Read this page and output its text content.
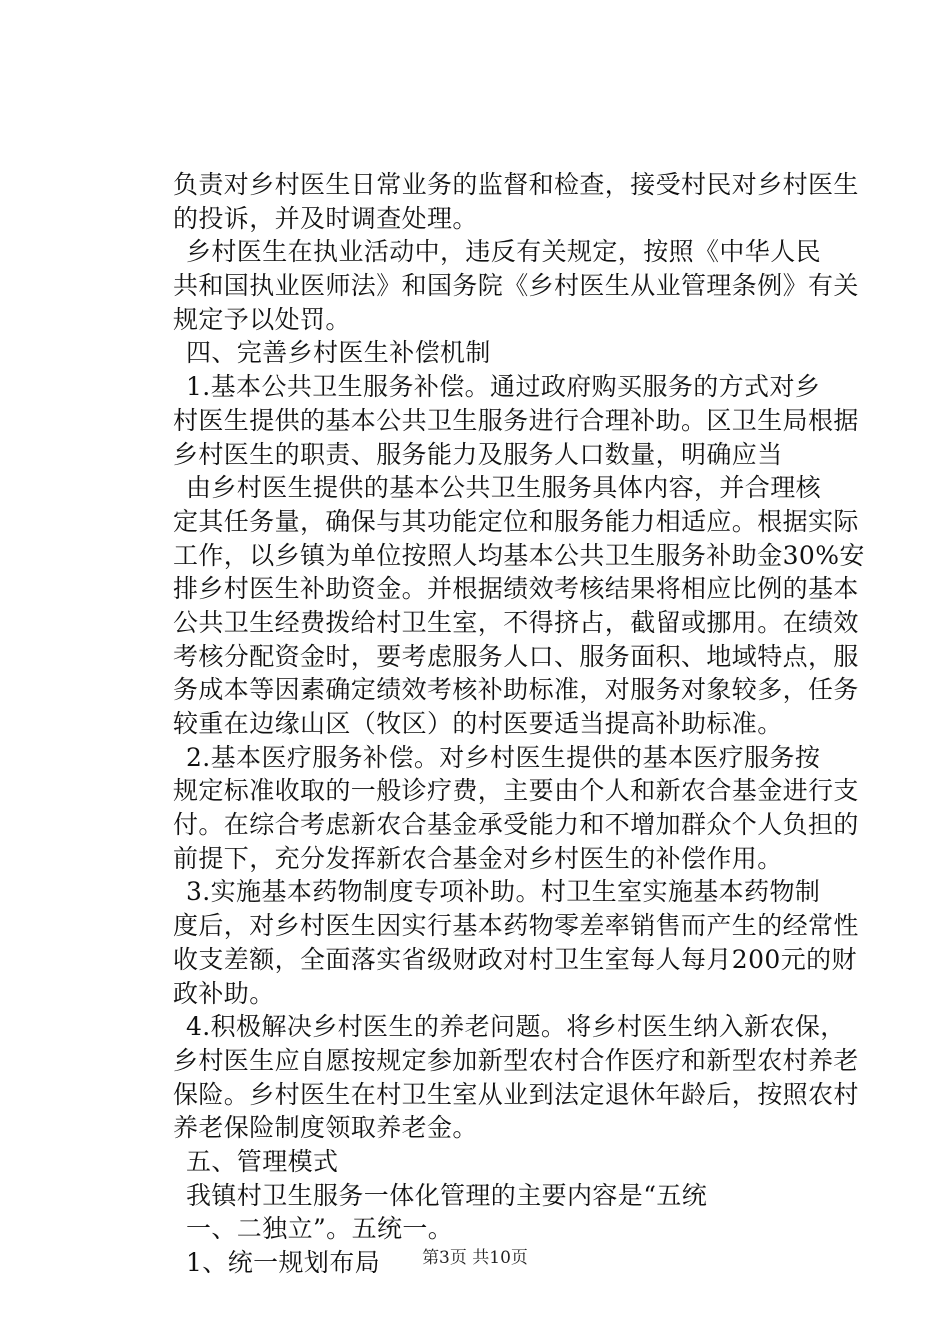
负责对乡村医生日常业务的监督和检查，接受村民对乡村医生
的投诉，并及时调查处理。
乡村医生在执业活动中，违反有关规定，按照《中华人民
共和国执业医师法》和国务院《乡村医生从业管理条例》有关
规定予以处罚。
四、完善乡村医生补偿机制
1.基本公共卫生服务补偿。通过政府购买服务的方式对乡
村医生提供的基本公共卫生服务进行合理补助。区卫生局根据
乡村医生的职责、服务能力及服务人口数量，明确应当
由乡村医生提供的基本公共卫生服务具体内容，并合理核
定其任务量，确保与其功能定位和服务能力相适应。根据实际
工作，以乡镇为单位按照人均基本公共卫生服务补助金30%安
排乡村医生补助资金。并根据绩效考核结果将相应比例的基本
公共卫生经费拨给村卫生室，不得挤占，截留或挪用。在绩效
考核分配资金时，要考虑服务人口、服务面积、地域特点，服
务成本等因素确定绩效考核补助标准，对服务对象较多，任务
较重在边缘山区（牧区）的村医要适当提高补助标准。
2.基本医疗服务补偿。对乡村医生提供的基本医疗服务按
规定标准收取的一般诊疗费，主要由个人和新农合基金进行支
付。在综合考虑新农合基金承受能力和不增加群众个人负担的
前提下，充分发挥新农合基金对乡村医生的补偿作用。
3.实施基本药物制度专项补助。村卫生室实施基本药物制
度后，对乡村医生因实行基本药物零差率销售而产生的经常性
收支差额，全面落实省级财政对村卫生室每人每月200元的财
政补助。
4.积极解决乡村医生的养老问题。将乡村医生纳入新农保，
乡村医生应自愿按规定参加新型农村合作医疗和新型农村养老
保险。乡村医生在村卫生室从业到法定退休年龄后，按照农村
养老保险制度领取养老金。
五、管理模式
我镇村卫生服务一体化管理的主要内容是“五统
一、二独立”。五统一。
1、统一规划布局	第3页 共10页
